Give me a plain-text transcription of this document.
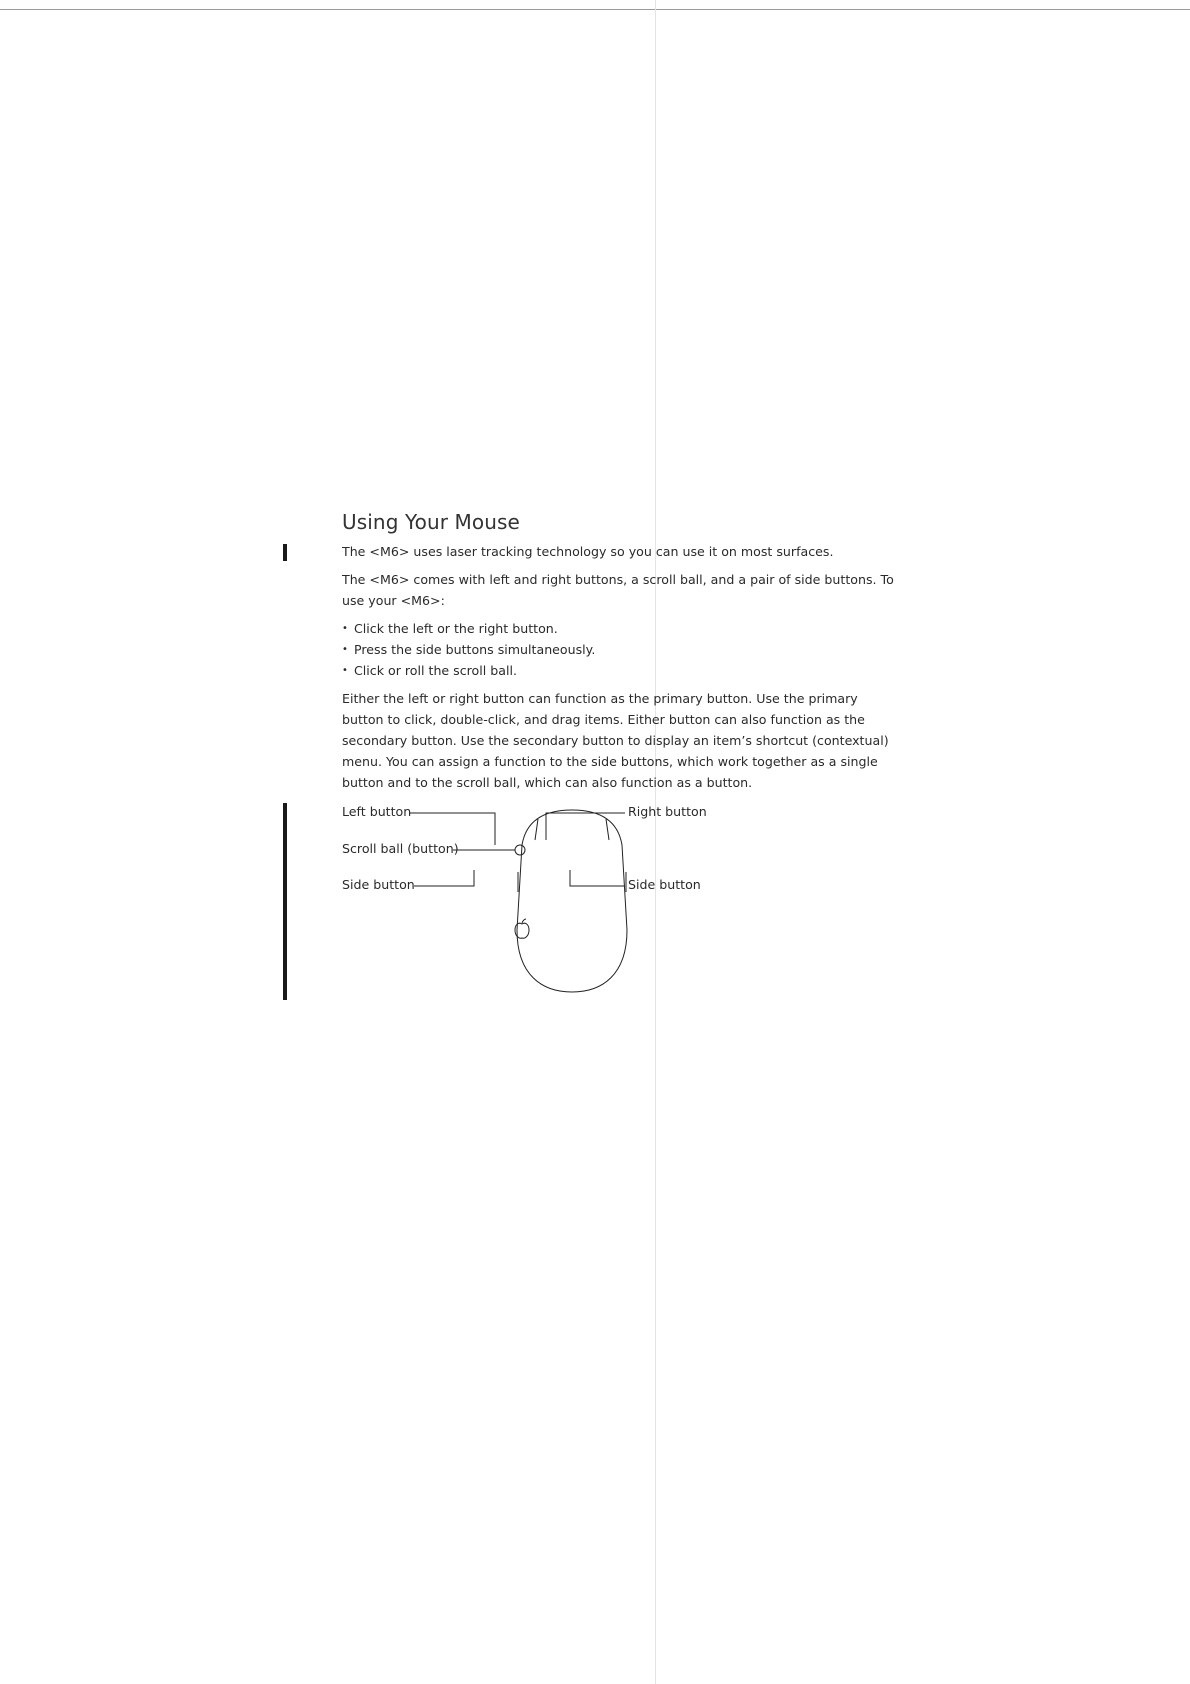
Using Your Mouse

The <M6> uses laser tracking technology so you can use it on most surfaces.

The <M6> comes with left and right buttons, a scroll ball, and a pair of side buttons. To use your <M6>:

• Click the left or the right button.
• Press the side buttons simultaneously.
• Click or roll the scroll ball.

Either the left or right button can function as the primary button. Use the primary button to click, double-click, and drag items. Either button can also function as the secondary button. Use the secondary button to display an item’s shortcut (contextual) menu. You can assign a function to the side buttons, which work together as a single button and to the scroll ball, which can also function as a button.

Left button
Scroll ball (button)
Side button
Right button
Side button
